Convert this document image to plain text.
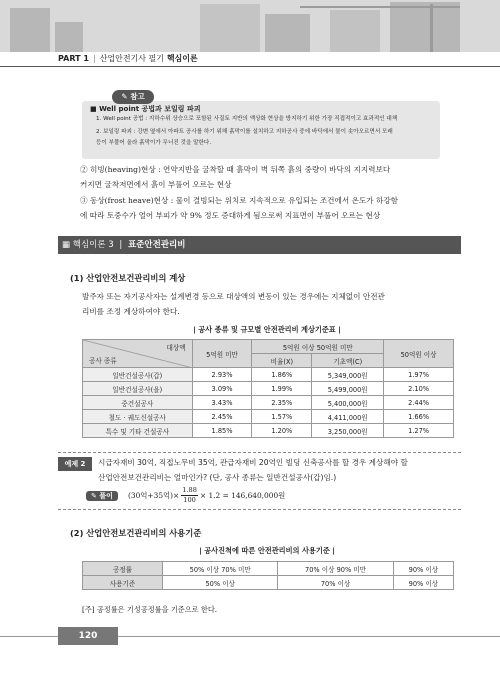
PART 1 | 산업안전기사 필기 핵심이론
■ Well point 공법과 보일링 파괴
1. Well point 공법 : 지하수위 상승으로 포함된 사질토 지반의 액상화 현상을 방지하기 위한 가장 직접적이고 효과적인 대책
2. 보일링 파괴 : 강변 옆에서 아파트 공사를 하기 위해 흙막이를 설치하고 지하공사 중에 바닥에서 물이 솟아오르면서 모래
등이 부풀어 올라 흙막이가 무너진 것을 말한다.
✎ 참고
② 히빙(heaving)현상 : 연약지반을 굴착할 때 흙막이 벽 뒤쪽 흙의 중량이 바닥의 지지력보다
커지면 굴착저면에서 흙이 부풀어 오르는 현상
③ 동상(frost heave)현상 : 물이 결빙되는 위치로 지속적으로 유입되는 조건에서 온도가 하강함
에 따라 토중수가 얼어 부피가 약 9% 정도 증대하게 됨으로써 지표면이 부풀어 오르는 현상
▦ 핵심이론 3 | 표준안전관리비
(1) 산업안전보건관리비의 계상
발주자 또는 자기공사자는 설계변경 등으로 대상액의 변동이 있는 경우에는 지체없이 안전관
리비를 조정 계상하여야 한다.
| 공사 종류 및 규모별 안전관리비 계상기준표 |
대상액
공사 종류	5억원 미만	5억원 이상 50억원 미만		50억원 이상
		비율(X)	기초액(C)	
일반건설공사(갑)	2.93%	1.86%	5,349,000원	1.97%
일반건설공사(을)	3.09%	1.99%	5,499,000원	2.10%
중건설공사	3.43%	2.35%	5,400,000원	2.44%
철도 · 궤도신설공사	2.45%	1.57%	4,411,000원	1.66%
특수 및 기타 건설공사	1.85%	1.20%	3,250,000원	1.27%
예제 2	시급자재비 30억, 직접노무비 35억, 관급자재비 20억인 빌딩 신축공사를 할 경우 계상해야 할
산업안전보건관리비는 얼마인가? (단, 공사 종류는 일반건설공사(갑)임.)
✎ 풀이	(30억+35억)× $\frac{1.88}{100} \times 1.2 = 146,640,000$원
(2) 산업안전보건관리비의 사용기준
| 공사진척에 따른 안전관리비의 사용기준 |
공정률	50% 이상 70% 미만	70% 이상 90% 미만	90% 이상
사용기준	50% 이상	70% 이상	90% 이상
[주] 공정률은 기성공정률을 기준으로 한다.
120
